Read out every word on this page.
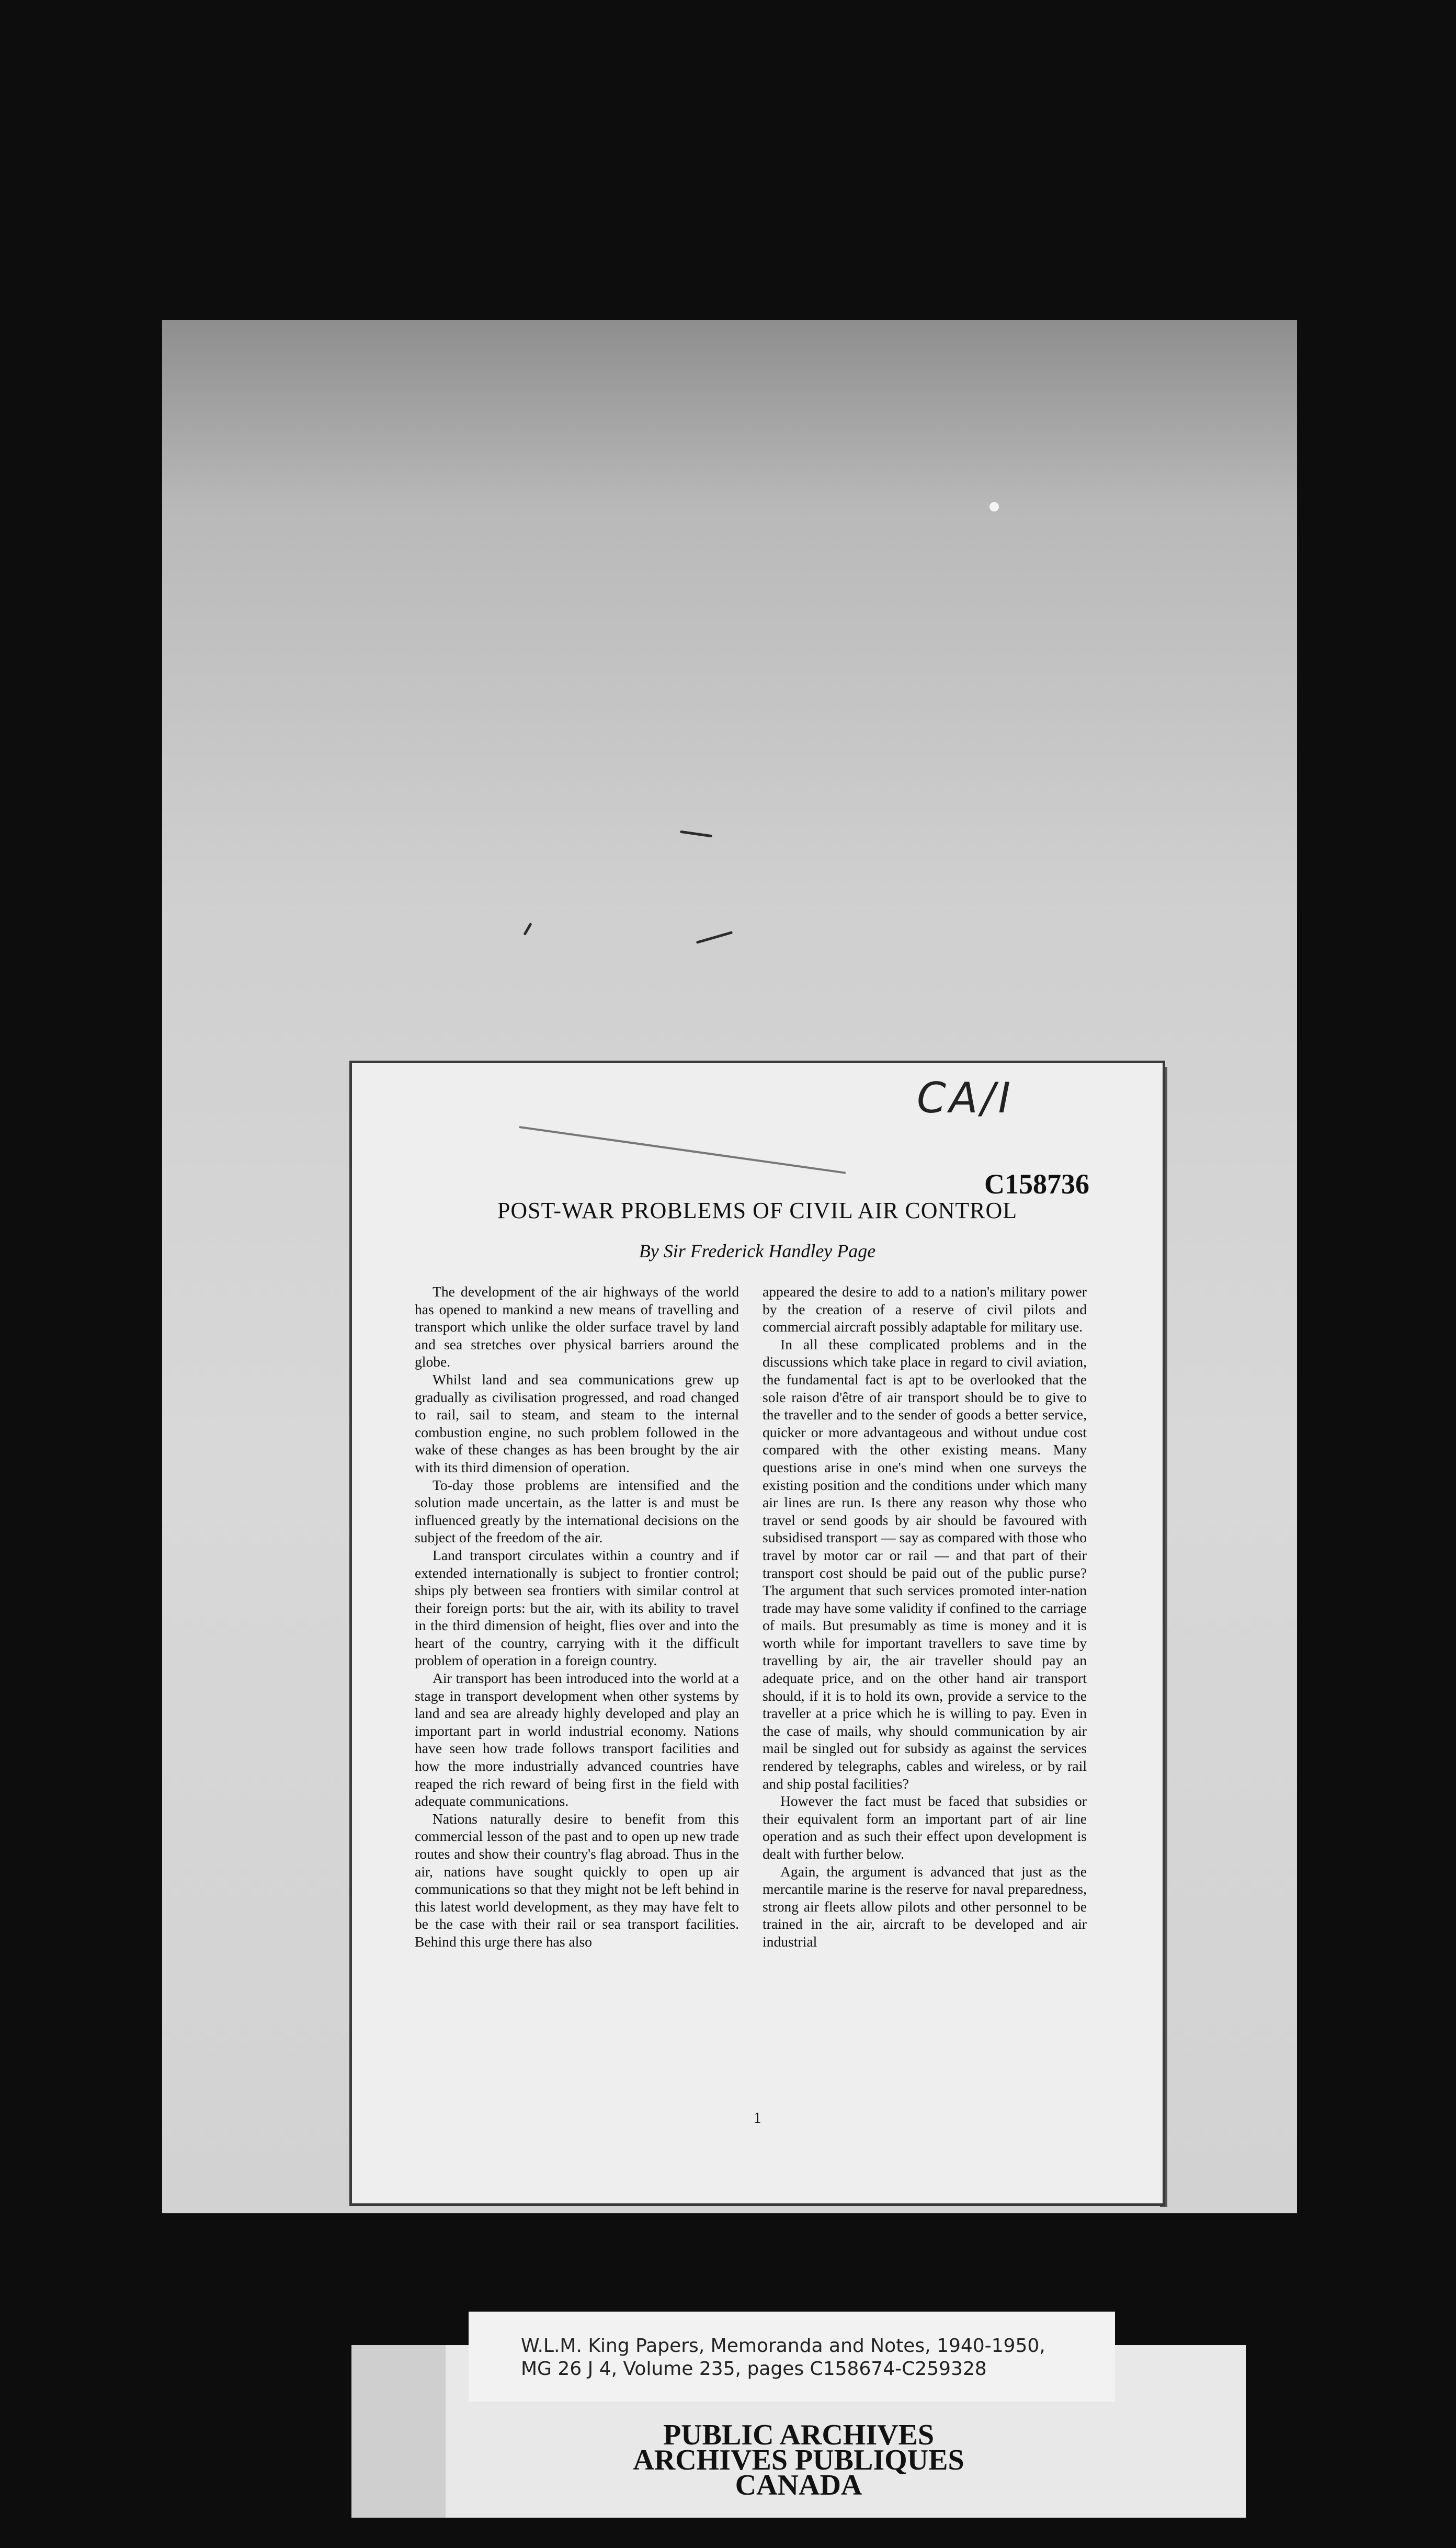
CA/I
C158736
POST-WAR PROBLEMS OF CIVIL AIR CONTROL
By Sir Frederick Handley Page

The development of the air highways of the world has opened to mankind a new means of travelling and transport which unlike the older surface travel by land and sea stretches over physical barriers around the globe.

Whilst land and sea communications grew up gradually as civilisation progressed, and road changed to rail, sail to steam, and steam to the internal combustion engine, no such problem followed in the wake of these changes as has been brought by the air with its third dimension of operation.

To-day those problems are intensified and the solution made uncertain, as the latter is and must be influenced greatly by the international decisions on the subject of the freedom of the air.

Land transport circulates within a country and if extended internationally is subject to frontier control; ships ply between sea frontiers with similar control at their foreign ports: but the air, with its ability to travel in the third dimension of height, flies over and into the heart of the country, carrying with it the difficult problem of operation in a foreign country.

Air transport has been introduced into the world at a stage in transport development when other systems by land and sea are already highly developed and play an important part in world industrial economy. Nations have seen how trade follows transport facilities and how the more industrially advanced countries have reaped the rich reward of being first in the field with adequate communications.

Nations naturally desire to benefit from this commercial lesson of the past and to open up new trade routes and show their country's flag abroad. Thus in the air, nations have sought quickly to open up air communications so that they might not be left behind in this latest world development, as they may have felt to be the case with their rail or sea transport facilities. Behind this urge there has also

appeared the desire to add to a nation's military power by the creation of a reserve of civil pilots and commercial aircraft possibly adaptable for military use.

In all these complicated problems and in the discussions which take place in regard to civil aviation, the fundamental fact is apt to be overlooked that the sole raison d'être of air transport should be to give to the traveller and to the sender of goods a better service, quicker or more advantageous and without undue cost compared with the other existing means. Many questions arise in one's mind when one surveys the existing position and the conditions under which many air lines are run. Is there any reason why those who travel or send goods by air should be favoured with subsidised transport — say as compared with those who travel by motor car or rail — and that part of their transport cost should be paid out of the public purse? The argument that such services promoted inter-nation trade may have some validity if confined to the carriage of mails. But presumably as time is money and it is worth while for important travellers to save time by travelling by air, the air traveller should pay an adequate price, and on the other hand air transport should, if it is to hold its own, provide a service to the traveller at a price which he is willing to pay. Even in the case of mails, why should communication by air mail be singled out for subsidy as against the services rendered by telegraphs, cables and wireless, or by rail and ship postal facilities?

However the fact must be faced that subsidies or their equivalent form an important part of air line operation and as such their effect upon development is dealt with further below.

Again, the argument is advanced that just as the mercantile marine is the reserve for naval preparedness, strong air fleets allow pilots and other personnel to be trained in the air, aircraft to be developed and air industrial

1
PUBLIC ARCHIVES
ARCHIVES PUBLIQUES
CANADA
W.L.M. King Papers, Memoranda and Notes, 1940-1950,
MG 26 J 4, Volume 235, pages C158674-C259328
